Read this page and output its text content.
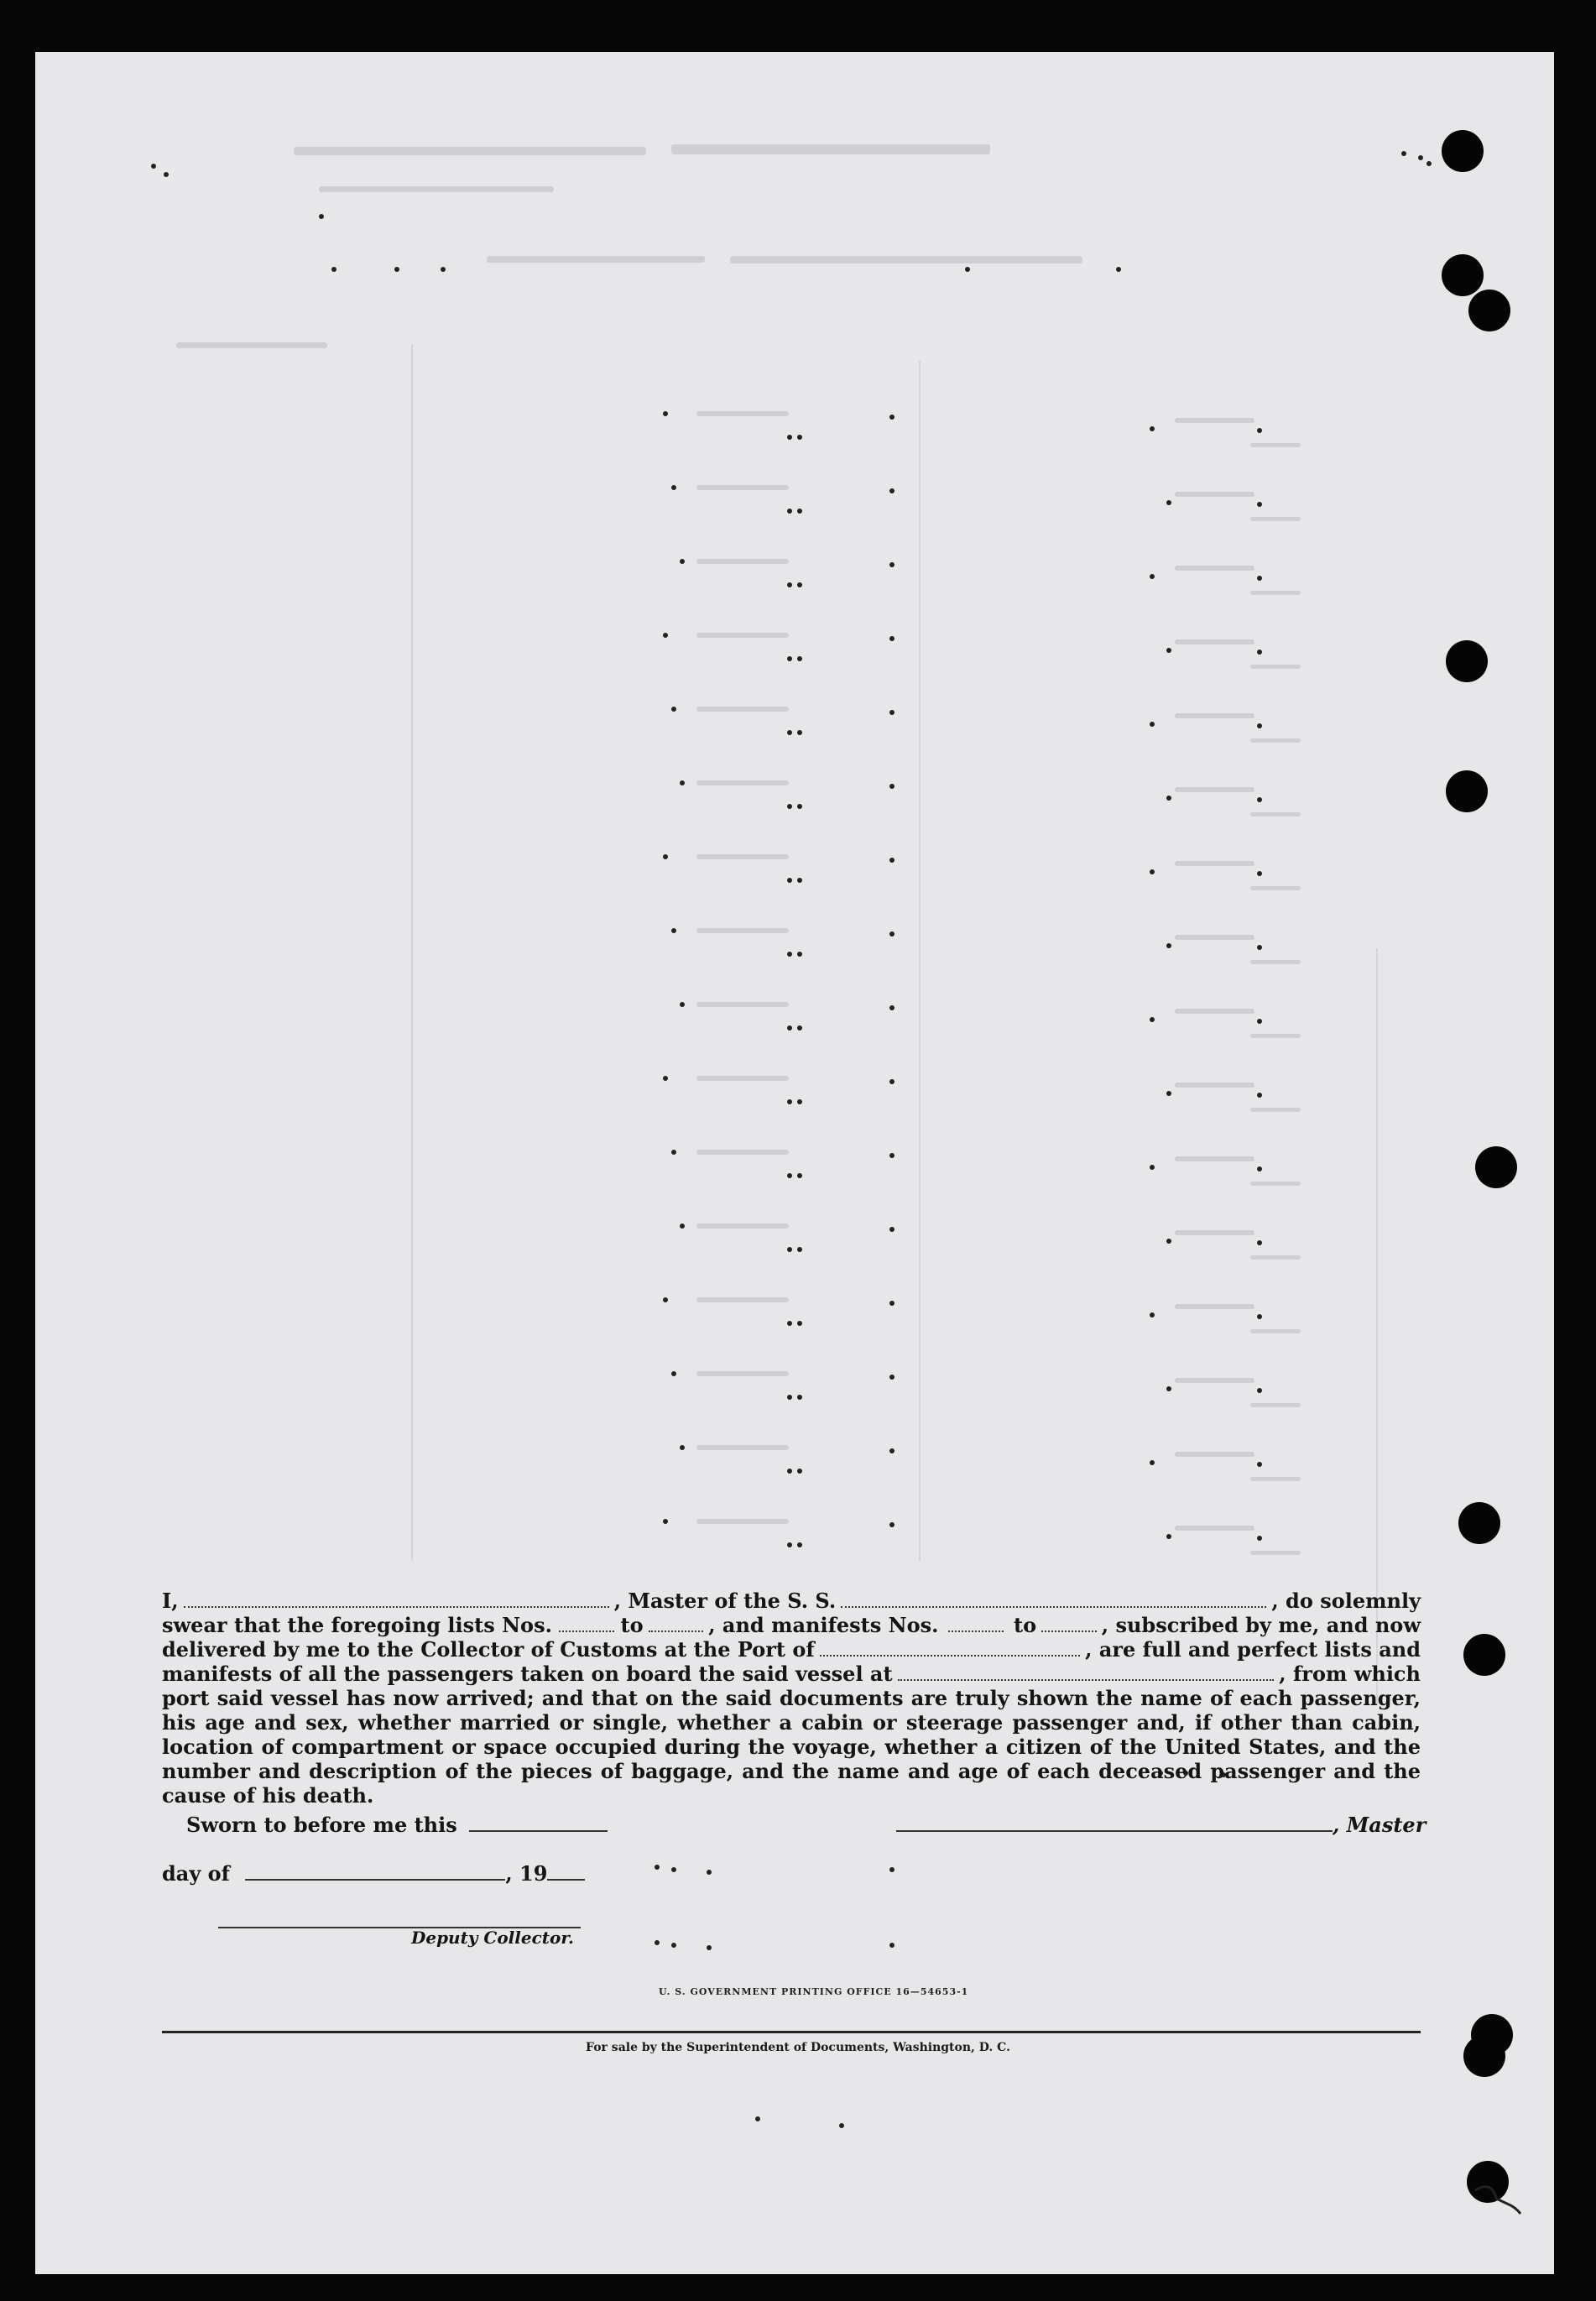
I,	, Master of the S. S.	, do solemnly
swear that the foregoing lists Nos.	to	, and manifests Nos.	to	, subscribed by me, and now
delivered by me to the Collector of Customs at the Port of	, are full and perfect lists and
manifests of all the passengers taken on board the said vessel at	, from which
port said vessel has now arrived; and that on the said documents are truly shown the name of each passenger, his age and sex, whether married or single, whether a cabin or steerage passenger and, if other than cabin, location of compartment or space occupied during the voyage, whether a citizen of the United States, and the number and description of the pieces of baggage, and the name and age of each deceased passenger and the cause of his death.
Sworn to before me this	, Master
day of	, 19
Deputy Collector.
U. S. GOVERNMENT PRINTING OFFICE 16—54653-1
For sale by the Superintendent of Documents, Washington, D. C.
